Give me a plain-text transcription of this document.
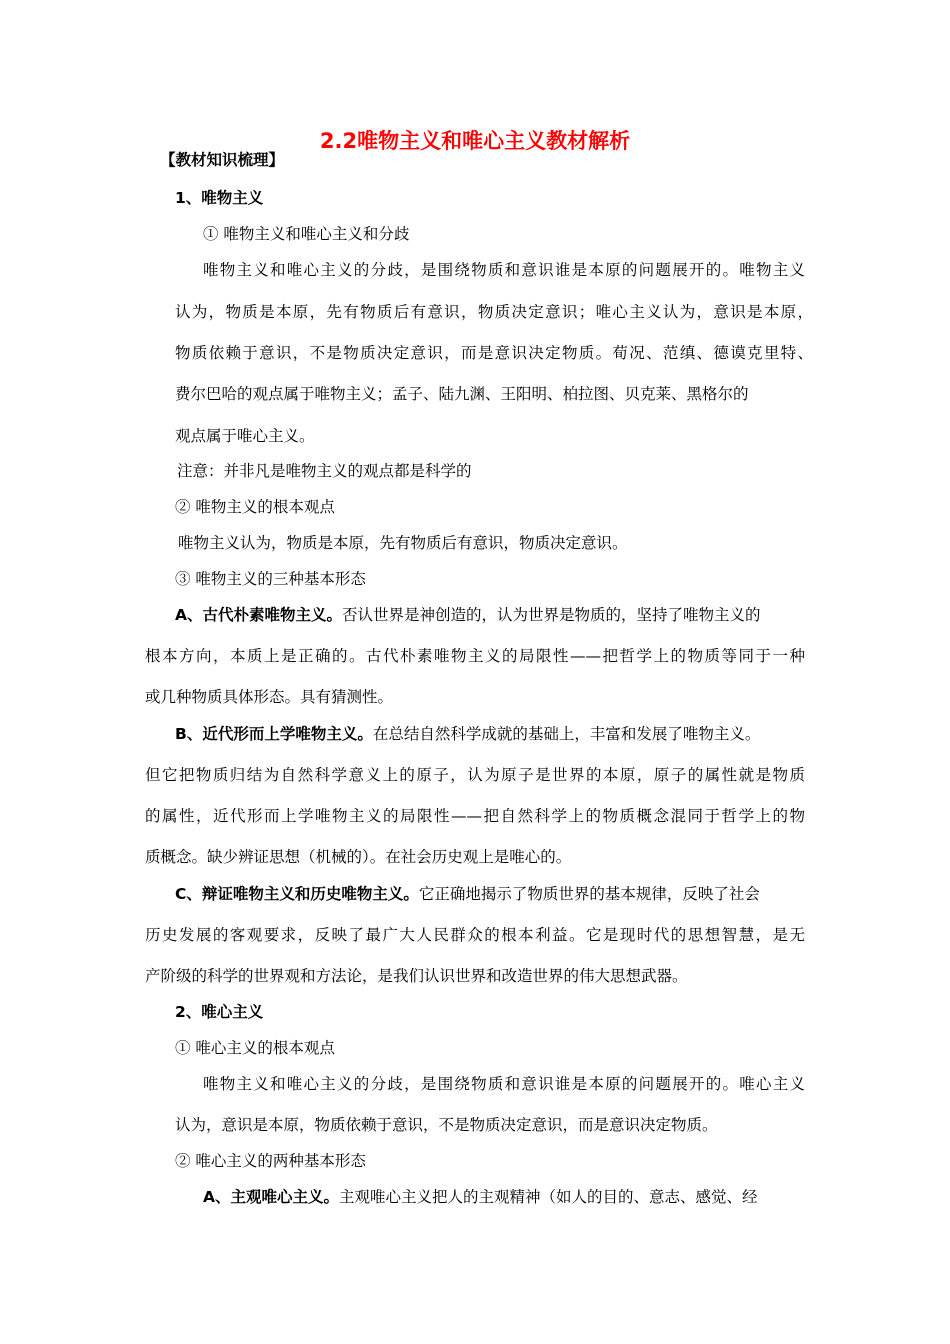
2.2唯物主义和唯心主义教材解析
【教材知识梳理】
1、唯物主义
① 唯物主义和唯心主义和分歧
唯物主义和唯心主义的分歧，是围绕物质和意识谁是本原的问题展开的。唯物主义
认为，物质是本原，先有物质后有意识，物质决定意识；唯心主义认为，意识是本原，
物质依赖于意识，不是物质决定意识，而是意识决定物质。荀况、范缜、德谟克里特、
费尔巴哈的观点属于唯物主义；孟子、陆九渊、王阳明、柏拉图、贝克莱、黑格尔的
观点属于唯心主义。
注意：并非凡是唯物主义的观点都是科学的
② 唯物主义的根本观点
唯物主义认为，物质是本原，先有物质后有意识，物质决定意识。
③ 唯物主义的三种基本形态
A、古代朴素唯物主义。否认世界是神创造的，认为世界是物质的，坚持了唯物主义的
根本方向，本质上是正确的。古代朴素唯物主义的局限性——把哲学上的物质等同于一种
或几种物质具体形态。具有猜测性。
B、近代形而上学唯物主义。在总结自然科学成就的基础上，丰富和发展了唯物主义。
但它把物质归结为自然科学意义上的原子，认为原子是世界的本原，原子的属性就是物质
的属性，近代形而上学唯物主义的局限性——把自然科学上的物质概念混同于哲学上的物
质概念。缺少辨证思想（机械的）。在社会历史观上是唯心的。
C、辩证唯物主义和历史唯物主义。它正确地揭示了物质世界的基本规律，反映了社会
历史发展的客观要求，反映了最广大人民群众的根本利益。它是现时代的思想智慧，是无
产阶级的科学的世界观和方法论，是我们认识世界和改造世界的伟大思想武器。
2、唯心主义
① 唯心主义的根本观点
唯物主义和唯心主义的分歧，是围绕物质和意识谁是本原的问题展开的。唯心主义
认为，意识是本原，物质依赖于意识，不是物质决定意识，而是意识决定物质。
② 唯心主义的两种基本形态
A、主观唯心主义。主观唯心主义把人的主观精神（如人的目的、意志、感觉、经
